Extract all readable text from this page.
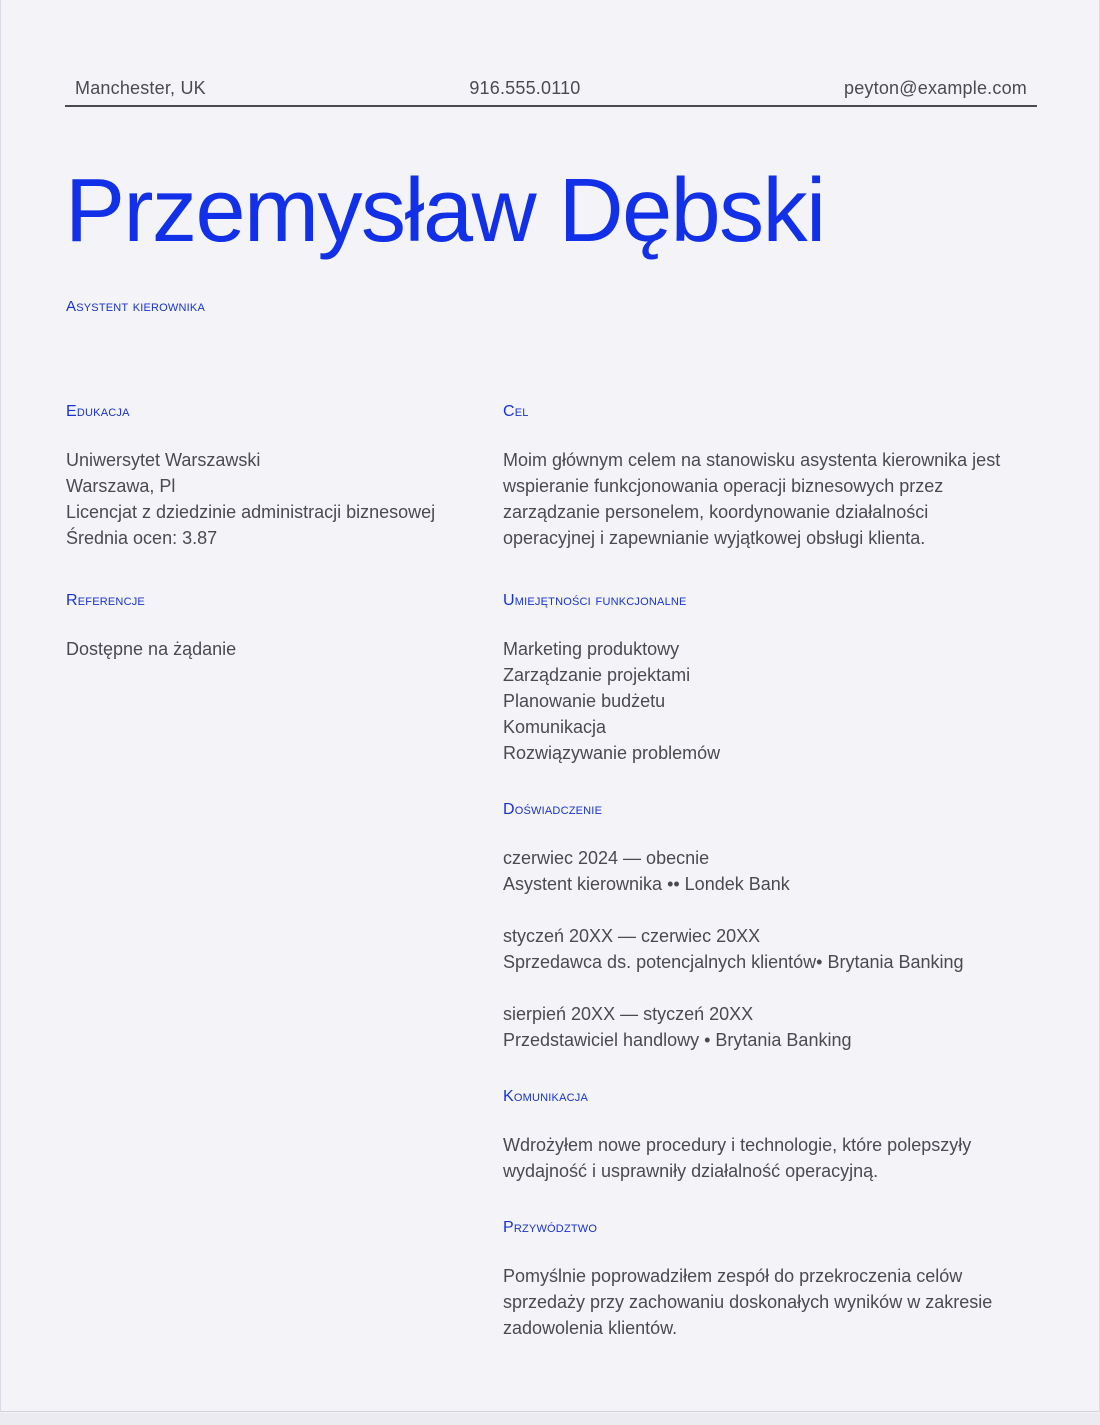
Manchester, UK	916.555.0110	peyton@example.com
Przemysław Dębski

Asystent kierownika

Edukacja
Uniwersytet Warszawski
Warszawa, Pl
Licencjat z dziedzinie administracji biznesowej
Średnia ocen: 3.87
Referencje
Dostępne na żądanie
Cel
Moim głównym celem na stanowisku asystenta kierownika jest
wspieranie funkcjonowania operacji biznesowych przez
zarządzanie personelem, koordynowanie działalności
operacyjnej i zapewnianie wyjątkowej obsługi klienta.
Umiejętności funkcjonalne
Marketing produktowy
Zarządzanie projektami
Planowanie budżetu
Komunikacja
Rozwiązywanie problemów
Doświadczenie
czerwiec 2024 — obecnie
Asystent kierownika •• Londek Bank
styczeń 20XX — czerwiec 20XX
Sprzedawca ds. potencjalnych klientów• Brytania Banking
sierpień 20XX — styczeń 20XX
Przedstawiciel handlowy • Brytania Banking
Komunikacja
Wdrożyłem nowe procedury i technologie, które polepszyły
wydajność i usprawniły działalność operacyjną.
Przywództwo
Pomyślnie poprowadziłem zespół do przekroczenia celów
sprzedaży przy zachowaniu doskonałych wyników w zakresie
zadowolenia klientów.
